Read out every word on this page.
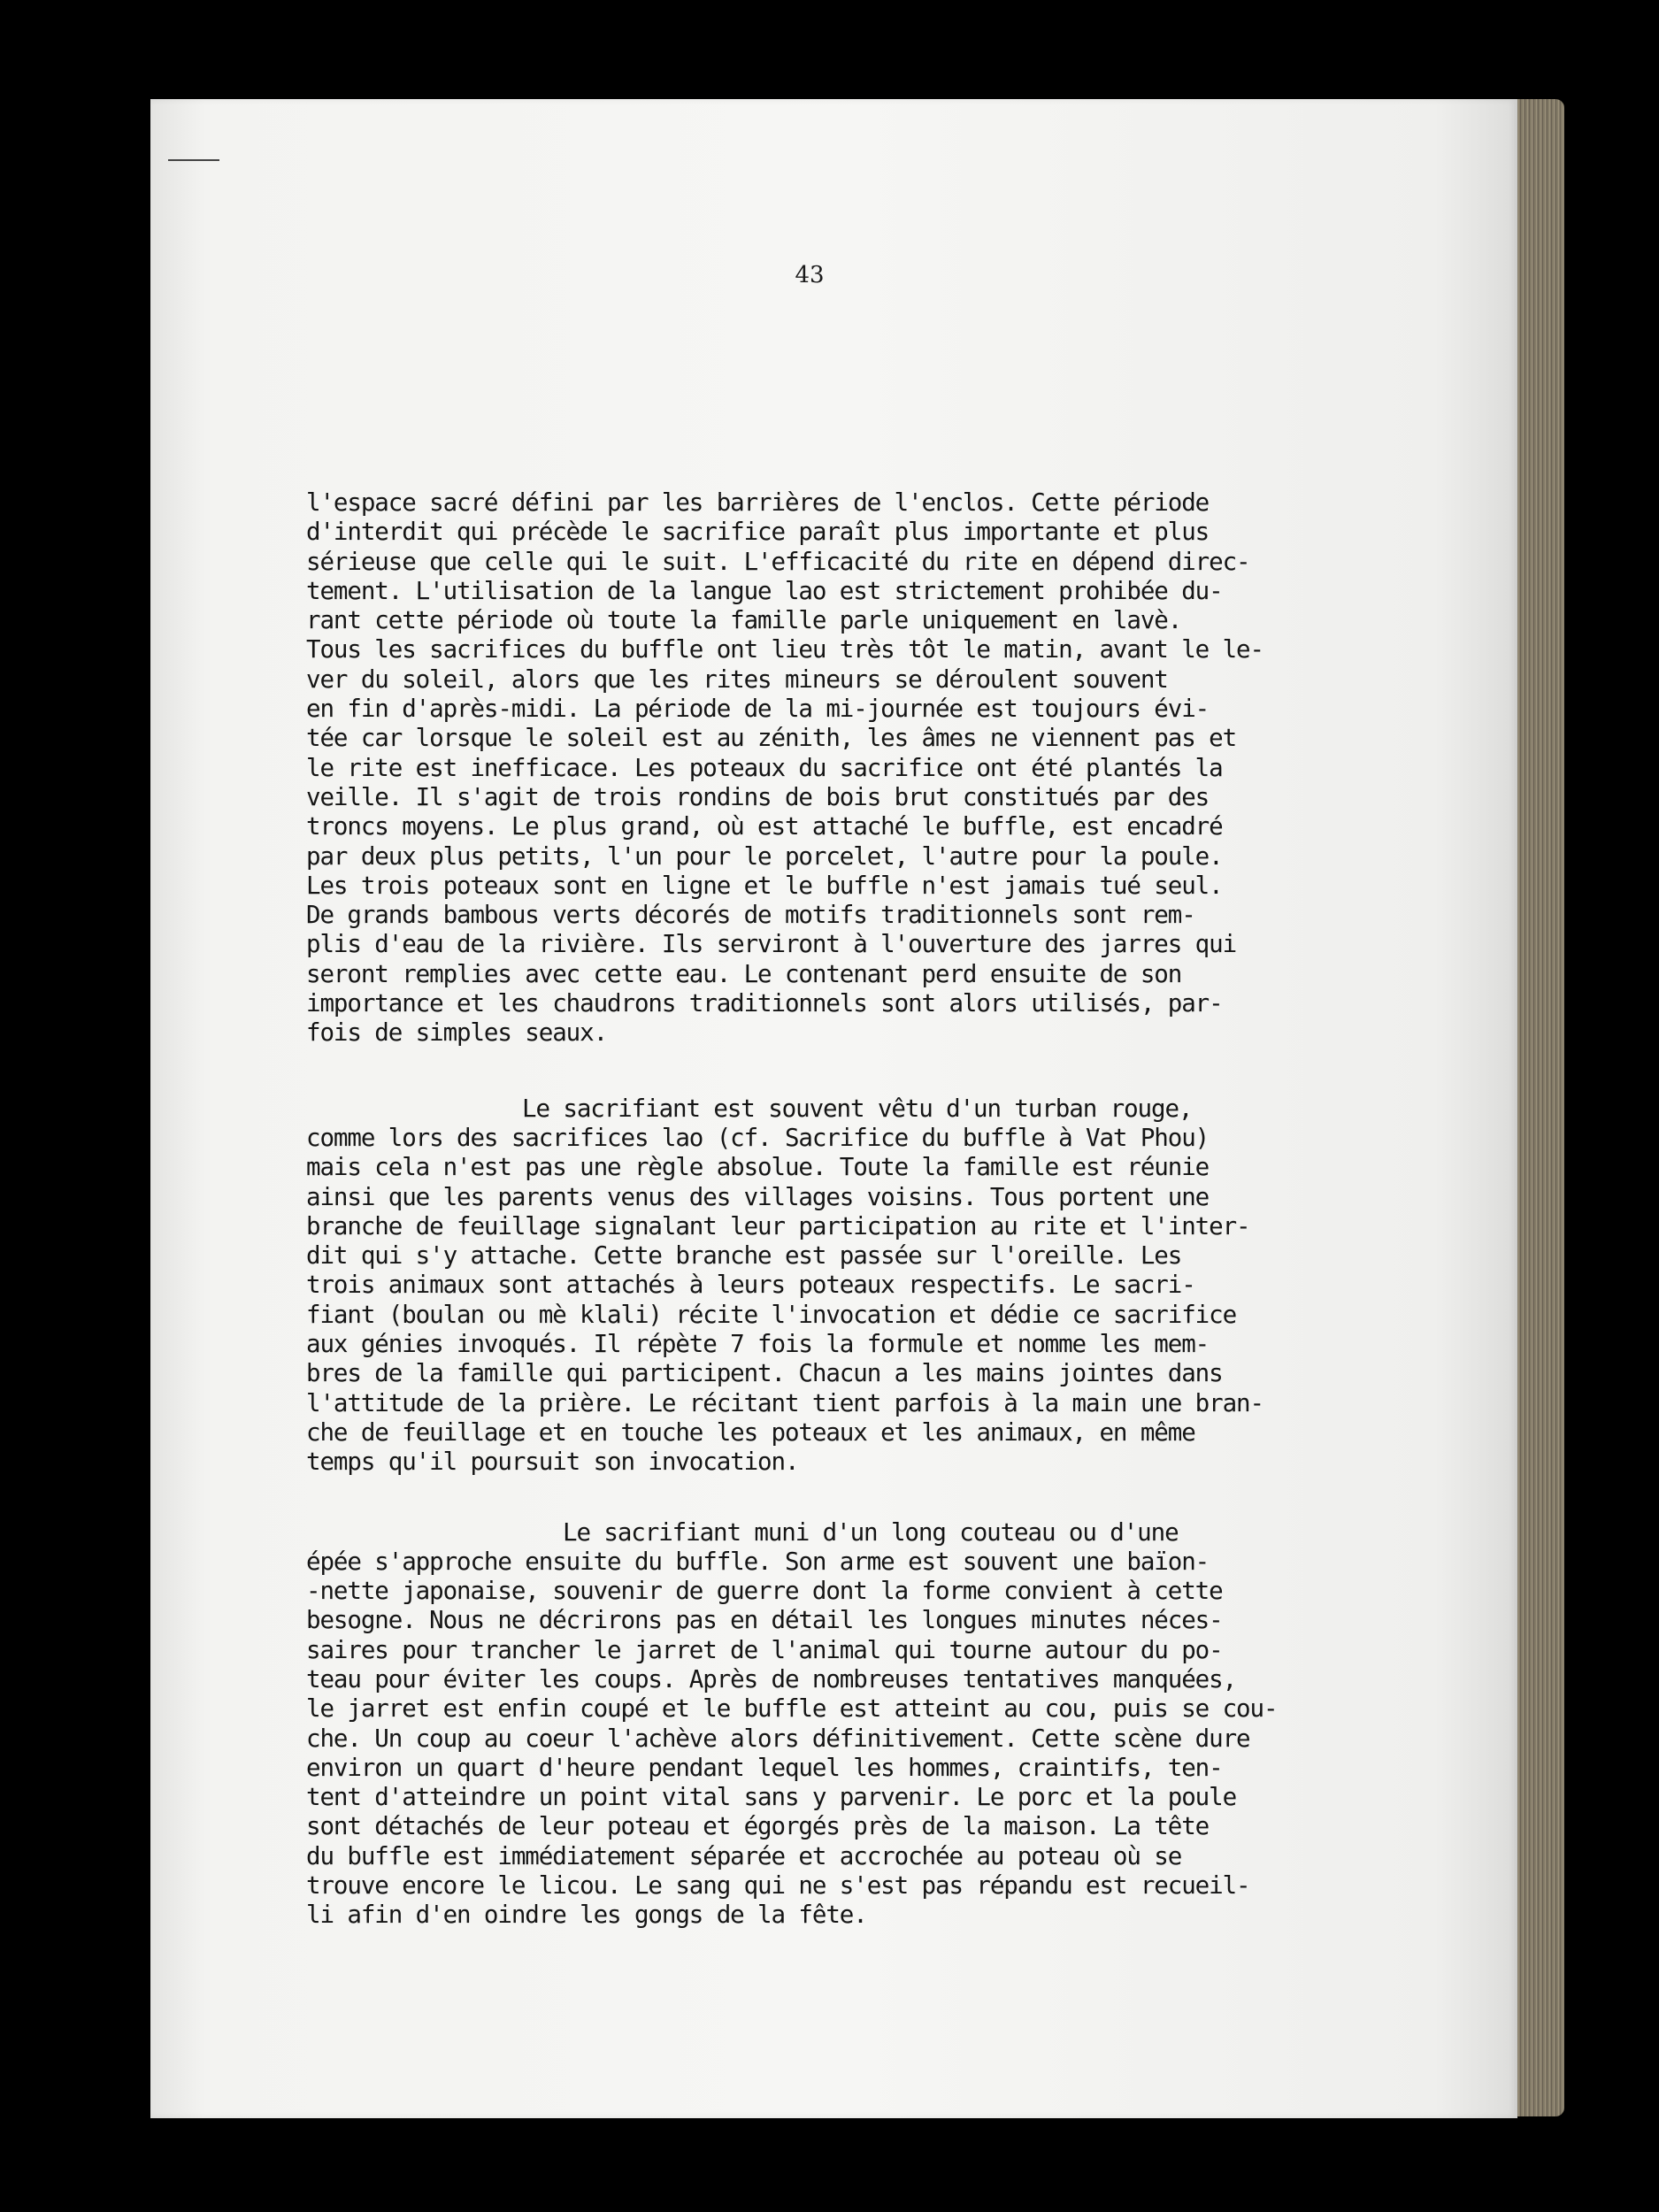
43
l'espace sacré défini par les barrières de l'enclos. Cette période
d'interdit qui précède le sacrifice paraît plus importante et plus
sérieuse que celle qui le suit. L'efficacité du rite en dépend direc-
tement. L'utilisation de la langue lao est strictement prohibée du-
rant cette période où toute la famille parle uniquement en lavè.
Tous les sacrifices du buffle ont lieu très tôt le matin, avant le le-
ver du soleil, alors que les rites mineurs se déroulent souvent
en fin d'après-midi. La période de la mi-journée est toujours évi-
tée car lorsque le soleil est au zénith, les âmes ne viennent pas et
le rite est inefficace. Les poteaux du sacrifice ont été plantés la
veille. Il s'agit de trois rondins de bois brut constitués par des
troncs moyens. Le plus grand, où est attaché le buffle, est encadré
par deux plus petits, l'un pour le porcelet, l'autre pour la poule.
Les trois poteaux sont en ligne et le buffle n'est jamais tué seul.
De grands bambous verts décorés de motifs traditionnels sont rem-
plis d'eau de la rivière. Ils serviront à l'ouverture des jarres qui
seront remplies avec cette eau. Le contenant perd ensuite de son
importance et les chaudrons traditionnels sont alors utilisés, par-
fois de simples seaux.
Le sacrifiant est souvent vêtu d'un turban rouge,
comme lors des sacrifices lao (cf. Sacrifice du buffle à Vat Phou)
mais cela n'est pas une règle absolue. Toute la famille est réunie
ainsi que les parents venus des villages voisins. Tous portent une
branche de feuillage signalant leur participation au rite et l'inter-
dit qui s'y attache. Cette branche est passée sur l'oreille. Les
trois animaux sont attachés à leurs poteaux respectifs. Le sacri-
fiant (boulan ou mè klali) récite l'invocation et dédie ce sacrifice
aux génies invoqués. Il répète 7 fois la formule et nomme les mem-
bres de la famille qui participent. Chacun a les mains jointes dans
l'attitude de la prière. Le récitant tient parfois à la main une bran-
che de feuillage et en touche les poteaux et les animaux, en même
temps qu'il poursuit son invocation.
Le sacrifiant muni d'un long couteau ou d'une
épée s'approche ensuite du buffle. Son arme est souvent une baïon-
-nette japonaise, souvenir de guerre dont la forme convient à cette
besogne. Nous ne décrirons pas en détail les longues minutes néces-
saires pour trancher le jarret de l'animal qui tourne autour du po-
teau pour éviter les coups. Après de nombreuses tentatives manquées,
le jarret est enfin coupé et le buffle est atteint au cou, puis se cou-
che. Un coup au coeur l'achève alors définitivement. Cette scène dure
environ un quart d'heure pendant lequel les hommes, craintifs, ten-
tent d'atteindre un point vital sans y parvenir. Le porc et la poule
sont détachés de leur poteau et égorgés près de la maison. La tête
du buffle est immédiatement séparée et accrochée au poteau où se
trouve encore le licou. Le sang qui ne s'est pas répandu est recueil-
li afin d'en oindre les gongs de la fête.
